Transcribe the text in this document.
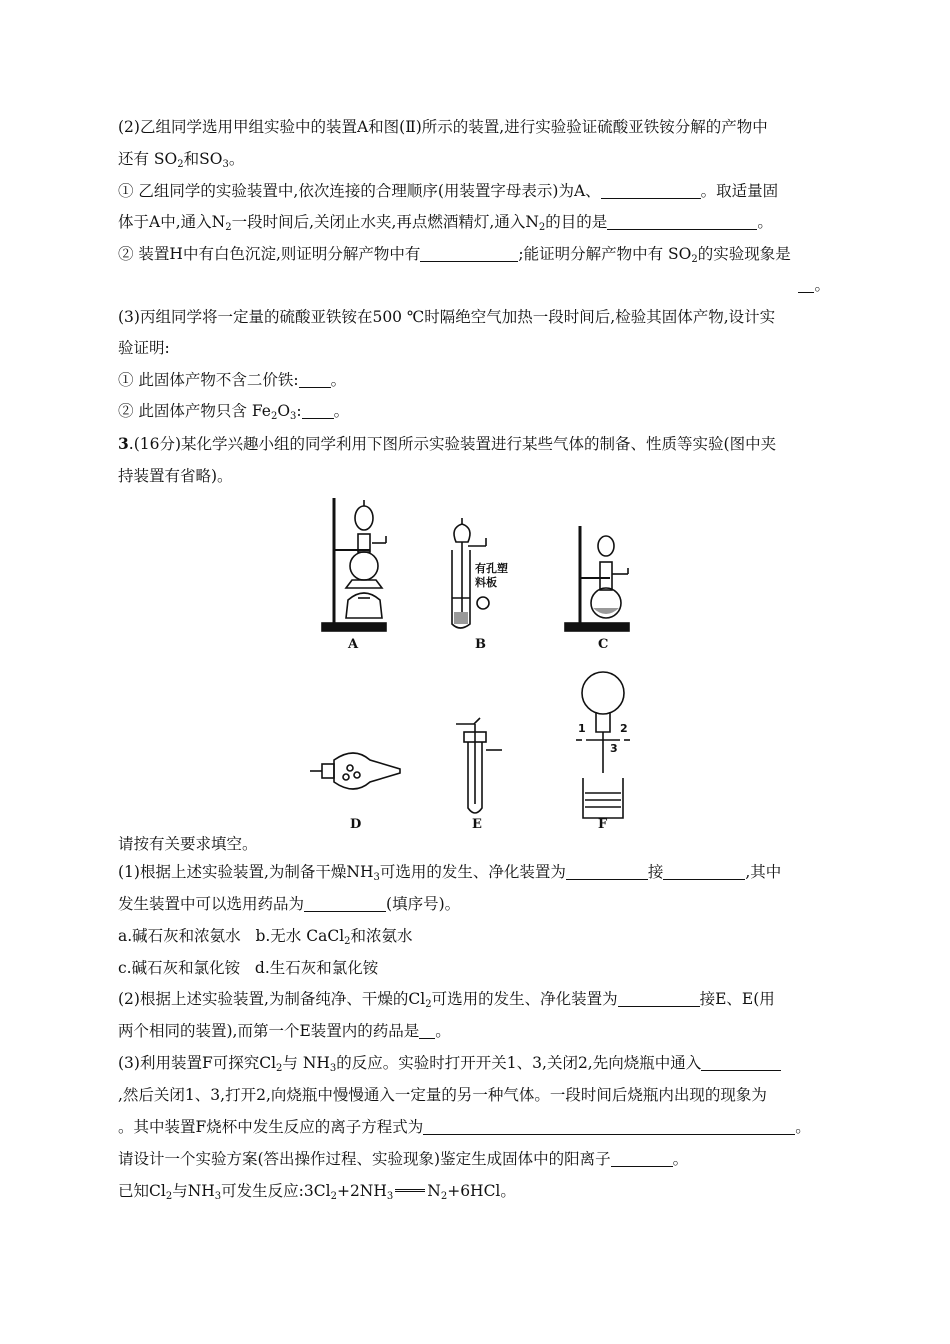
(2)乙组同学选用甲组实验中的装置A和图(Ⅱ)所示的装置,进行实验验证硫酸亚铁铵分解的产物中
还有 $SO_2$和$SO_3$。
① 乙组同学的实验装置中,依次连接的合理顺序(用装置字母表示)为A、	。取适量固
体于A中,通入$N_2$一段时间后,关闭止水夹,再点燃酒精灯,通入$N_2$的目的是	。
② 装置H中有白色沉淀,则证明分解产物中有	;能证明分解产物中有 $SO_2$的实验现象是
。
(3)丙组同学将一定量的硫酸亚铁铵在500 ℃时隔绝空气加热一段时间后,检验其固体产物,设计实
验证明:
① 此固体产物不含二价铁: 。
② 此固体产物只含 $Fe_2O_3$: 。
3.(16分)某化学兴趣小组的同学利用下图所示实验装置进行某些气体的制备、性质等实验(图中夹
持装置有省略)。
A
有孔塑
料板
B	C
D	E
1	2
3
F
请按有关要求填空。
(1)根据上述实验装置,为制备干燥$NH_3$可选用的发生、净化装置为	接	,其中
发生装置中可以选用药品为	(填序号)。
a.碱石灰和浓氨水 b.无水 CaCl$_2$和浓氨水
c.碱石灰和氯化铵 d.生石灰和氯化铵
(2)根据上述实验装置,为制备纯净、干燥的$Cl_2$可选用的发生、净化装置为	接E、E(用
两个相同的装置),而第一个E装置内的药品是 。
(3)利用装置F可探究$Cl_2$与 $NH_3$的反应。实验时打开开关1、3,关闭2,先向烧瓶中通入
,然后关闭1、3,打开2,向烧瓶中慢慢通入一定量的另一种气体。一段时间后烧瓶内出现的现象为
。其中装置F烧杯中发生反应的离子方程式为	。
请设计一个实验方案(答出操作过程、实验现象)鉴定生成固体中的阳离子	。
已知$Cl_2$与$NH_3$可发生反应$:3Cl_2+2NH_3$ $N_2+6HCl$。
